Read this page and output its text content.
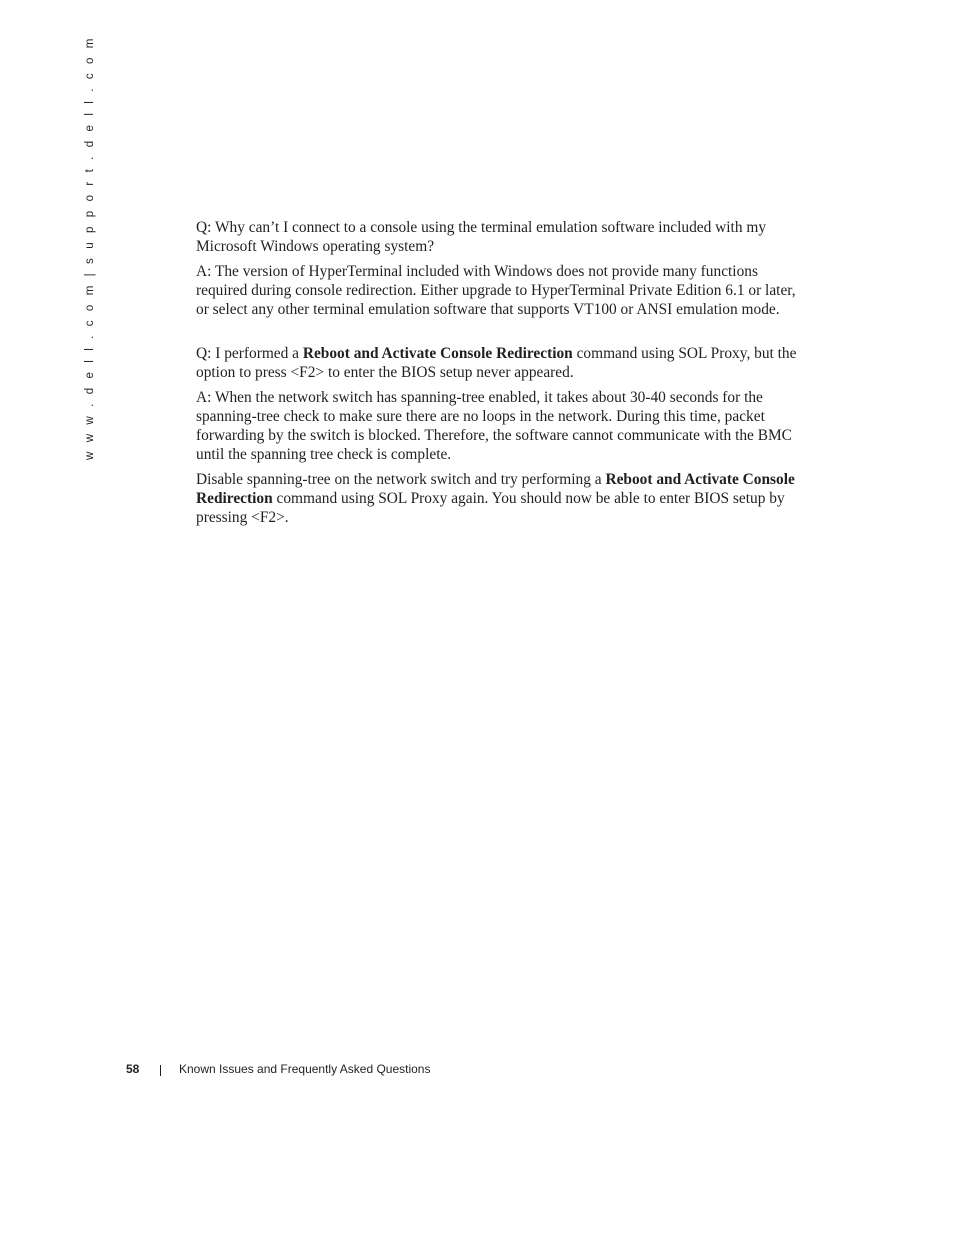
w w w . d e l l . c o m | s u p p o r t . d e l l . c o m	Q: Why can’t I connect to a console using the terminal emulation software included with my Microsoft Windows operating system?

A: The version of HyperTerminal included with Windows does not provide many functions required during console redirection. Either upgrade to HyperTerminal Private Edition 6.1 or later, or select any other terminal emulation software that supports VT100 or ANSI emulation mode.

Q: I performed a Reboot and Activate Console Redirection command using SOL Proxy, but the option to press <F2> to enter the BIOS setup never appeared.

A: When the network switch has spanning-tree enabled, it takes about 30-40 seconds for the spanning-tree check to make sure there are no loops in the network. During this time, packet forwarding by the switch is blocked. Therefore, the software cannot communicate with the BMC until the spanning tree check is complete.

Disable spanning-tree on the network switch and try performing a Reboot and Activate Console Redirection command using SOL Proxy again. You should now be able to enter BIOS setup by pressing <F2>.

58	Known Issues and Frequently Asked Questions
